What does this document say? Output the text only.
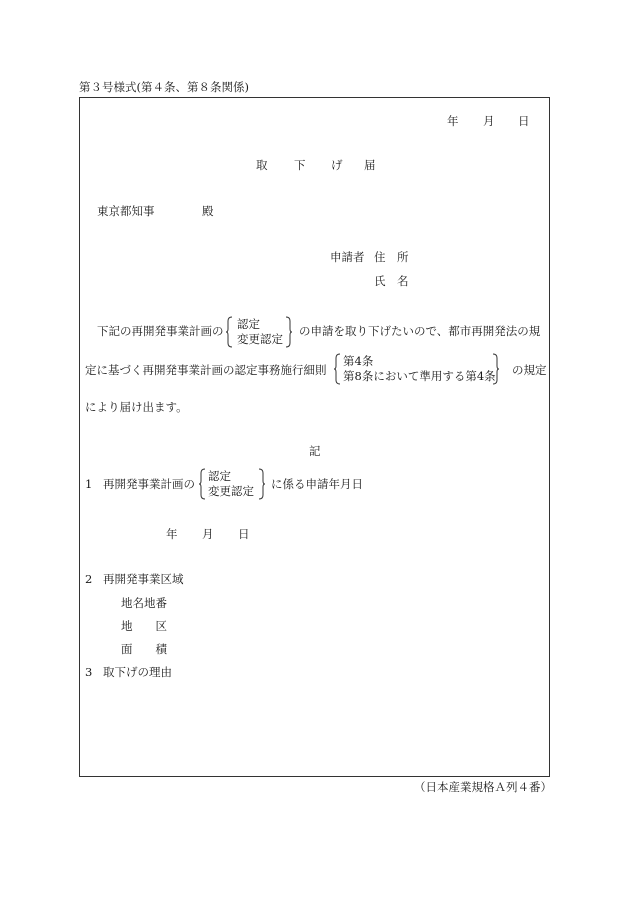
第３号様式(第４条、第８条関係)
年 月 日
取 下 げ 届
東京都知事	殿
申請者 住　所
氏　名
下記の再開発事業計画の 認定
変更認定
の申請を取り下げたいので、都市再開発法の規
定に基づく再開発事業計画の認定事務施行細則
第4条
第8条において準用する第4条 の規定
により届け出ます。
記
1 再開発事業計画の
認定
変更認定 に係る申請年月日
年 月 日
2 再開発事業区域
地名地番
地　　区
面　　積
3 取下げの理由
（日本産業規格Ａ列４番）
